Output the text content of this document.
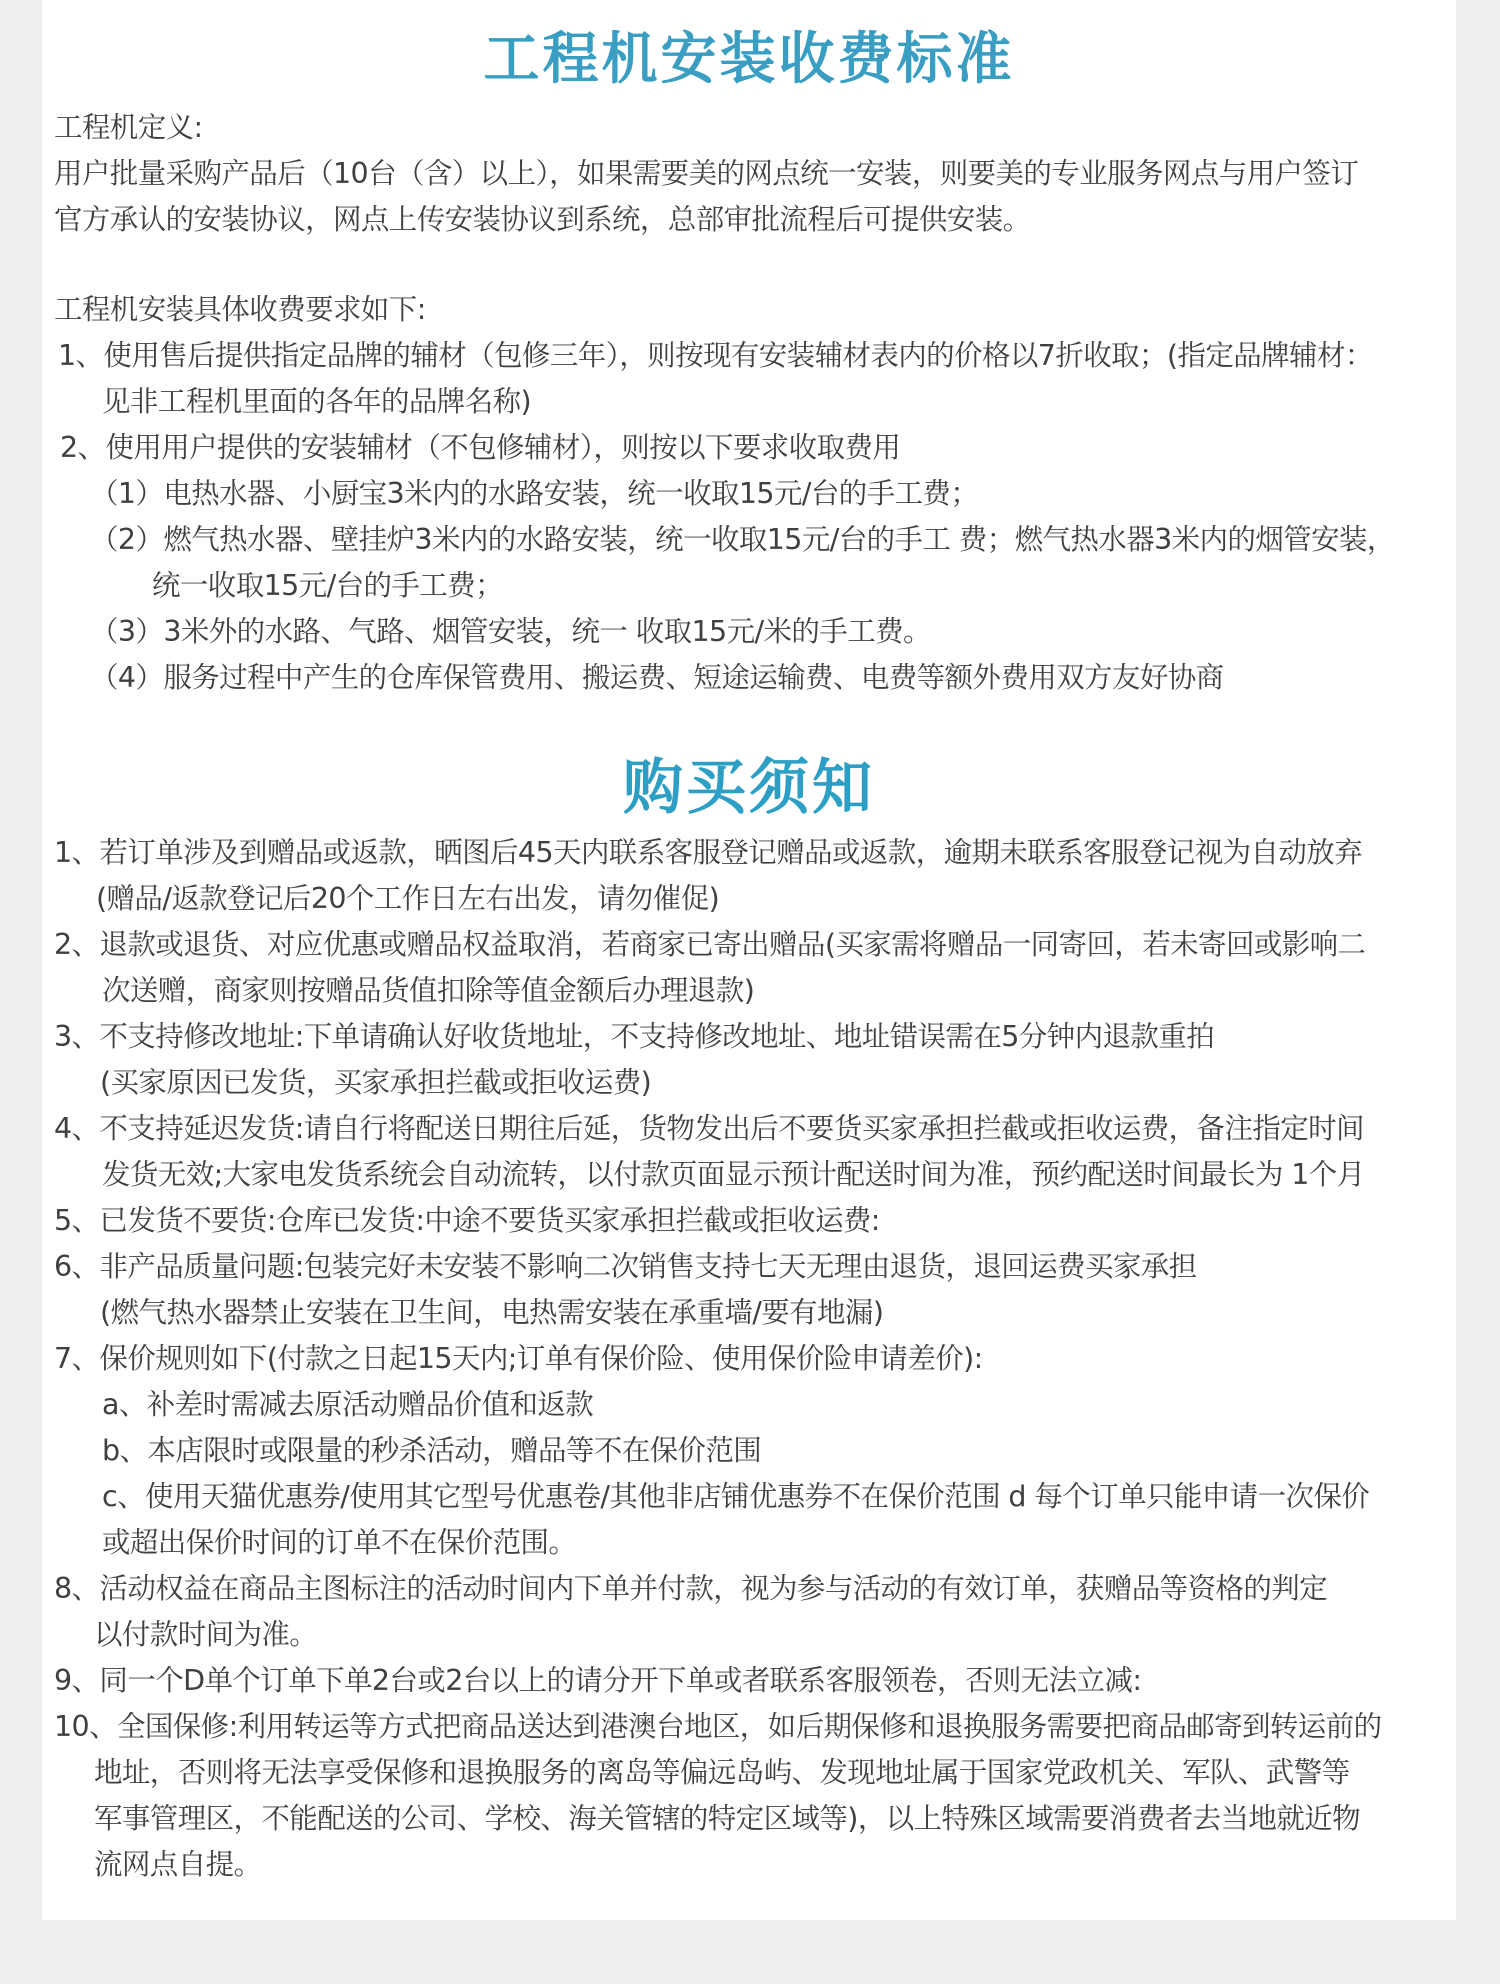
工程机安装收费标准
工程机定义:
用户批量采购产品后（10台（含）以上），如果需要美的网点统一安装，则要美的专业服务网点与用户签订
官方承认的安装协议，网点上传安装协议到系统，总部审批流程后可提供安装。
工程机安装具体收费要求如下:
1、使用售后提供指定品牌的辅材（包修三年），则按现有安装辅材表内的价格以7折收取；(指定品牌辅材：
见非工程机里面的各年的品牌名称)
2、使用用户提供的安装辅材（不包修辅材），则按以下要求收取费用
（1）电热水器、小厨宝3米内的水路安装，统一收取15元/台的手工费；
（2）燃气热水器、壁挂炉3米内的水路安装，统一收取15元/台的手工 费；燃气热水器3米内的烟管安装，
统一收取15元/台的手工费；
（3）3米外的水路、气路、烟管安装，统一 收取15元/米的手工费。
（4）服务过程中产生的仓库保管费用、搬运费、短途运输费、电费等额外费用双方友好协商
购买须知
1、若订单涉及到赠品或返款，晒图后45天内联系客服登记赠品或返款，逾期未联系客服登记视为自动放弃
(赠品/返款登记后20个工作日左右出发，请勿催促)
2、退款或退货、对应优惠或赠品权益取消，若商家已寄出赠品(买家需将赠品一同寄回，若未寄回或影响二
次送赠，商家则按赠品货值扣除等值金额后办理退款)
3、不支持修改地址:下单请确认好收货地址，不支持修改地址、地址错误需在5分钟内退款重拍
(买家原因已发货，买家承担拦截或拒收运费)
4、不支持延迟发货:请自行将配送日期往后延，货物发出后不要货买家承担拦截或拒收运费，备注指定时间
发货无效;大家电发货系统会自动流转，以付款页面显示预计配送时间为准，预约配送时间最长为 1个月
5、已发货不要货:仓库已发货:中途不要货买家承担拦截或拒收运费:
6、非产品质量问题:包装完好未安装不影响二次销售支持七天无理由退货，退回运费买家承担
(燃气热水器禁止安装在卫生间，电热需安装在承重墙/要有地漏)
7、保价规则如下(付款之日起15天内;订单有保价险、使用保价险申请差价):
a、补差时需减去原活动赠品价值和返款
b、本店限时或限量的秒杀活动，赠品等不在保价范围
c、使用天猫优惠券/使用其它型号优惠卷/其他非店铺优惠券不在保价范围 d 每个订单只能申请一次保价
或超出保价时间的订单不在保价范围。
8、活动权益在商品主图标注的活动时间内下单并付款，视为参与活动的有效订单，获赠品等资格的判定
以付款时间为准。
9、同一个D单个订单下单2台或2台以上的请分开下单或者联系客服领卷，否则无法立减:
10、全国保修:利用转运等方式把商品送达到港澳台地区，如后期保修和退换服务需要把商品邮寄到转运前的
地址，否则将无法享受保修和退换服务的离岛等偏远岛屿、发现地址属于国家党政机关、军队、武警等
军事管理区，不能配送的公司、学校、海关管辖的特定区域等)，以上特殊区域需要消费者去当地就近物
流网点自提。
